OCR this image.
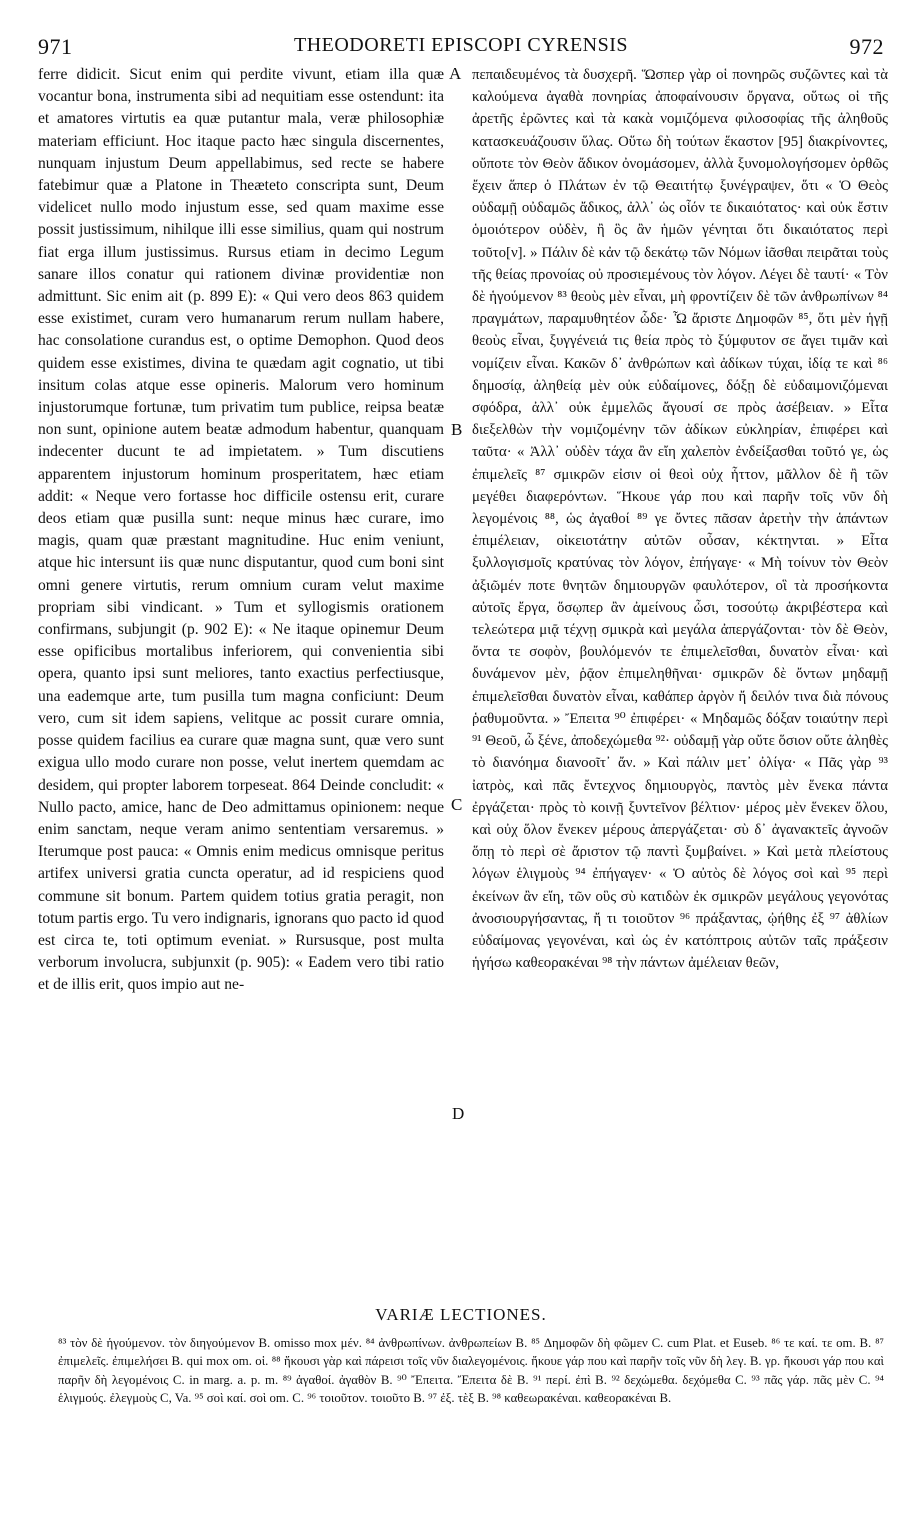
971	THEODORETI EPISCOPI CYRENSIS	972

ferre didicit. Sicut enim qui perdite vivunt, etiam illa quæ vocantur bona, instrumenta sibi ad nequitiam esse ostendunt: ita et amatores virtutis ea quæ putantur mala, veræ philosophiæ materiam efficiunt. Hoc itaque pacto hæc singula discernentes, nunquam injustum Deum appellabimus, sed recte se habere fatebimur quæ a Platone in Theæteto conscripta sunt, Deum videlicet nullo modo injustum esse, sed quam maxime esse possit justissimum, nihilque illi esse similius, quam qui nostrum fiat erga illum justissimus. Rursus etiam in decimo Legum sanare illos conatur qui rationem divinæ providentiæ non admittunt. Sic enim ait (p. 899 E): « Qui vero deos 863 quidem esse existimet, curam vero humanarum rerum nullam habere, hac consolatione curandus est, o optime Demophon. Quod deos quidem esse existimes, divina te quædam agit cognatio, ut tibi insitum colas atque esse opineris. Malorum vero hominum injustorumque fortunæ, tum privatim tum publice, reipsa beatæ non sunt, opinione autem beatæ admodum habentur, quanquam indecenter ducunt te ad impietatem. » Tum discutiens apparentem injustorum hominum prosperitatem, hæc etiam addit: « Neque vero fortasse hoc difficile ostensu erit, curare deos etiam quæ pusilla sunt: neque minus hæc curare, imo magis, quam quæ præstant magnitudine. Huc enim veniunt, atque hic intersunt iis quæ nunc disputantur, quod cum boni sint omni genere virtutis, rerum omnium curam velut maxime propriam sibi vindicant. » Tum et syllogismis orationem confirmans, subjungit (p. 902 E): « Ne itaque opinemur Deum esse opificibus mortalibus inferiorem, qui convenientia sibi opera, quanto ipsi sunt meliores, tanto exactius perfectiusque, una eademque arte, tum pusilla tum magna conficiunt: Deum vero, cum sit idem sapiens, velitque ac possit curare omnia, posse quidem facilius ea curare quæ magna sunt, quæ vero sunt exigua ullo modo curare non posse, velut inertem quemdam ac desidem, qui propter laborem torpeseat. 864 Deinde concludit: « Nullo pacto, amice, hanc de Deo admittamus opinionem: neque enim sanctam, neque veram animo sententiam versaremus. » Iterumque post pauca: « Omnis enim medicus omnisque peritus artifex universi gratia cuncta operatur, ad id respiciens quod commune sit bonum. Partem quidem totius gratia peragit, non totum partis ergo. Tu vero indignaris, ignorans quo pacto id quod est circa te, toti optimum eveniat. » Rursusque, post multa verborum involucra, subjunxit (p. 905): « Eadem vero tibi ratio et de illis erit, quos impio aut ne-

A
B
C
D

πεπαιδευμένος τὰ δυσχερῆ. Ὥσπερ γὰρ οἱ πονηρῶς συζῶντες καὶ τὰ καλούμενα ἀγαθὰ πονηρίας ἀποφαίνουσιν ὄργανα, οὕτως οἱ τῆς ἀρετῆς ἐρῶντες καὶ τὰ κακὰ νομιζόμενα φιλοσοφίας τῆς ἀληθοῦς κατασκευάζουσιν ὕλας. Οὕτω δὴ τούτων ἕκαστον [95] διακρίνοντες, οὔποτε τὸν Θεὸν ἄδικον ὀνομάσομεν, ἀλλὰ ξυνομολογήσομεν ὀρθῶς ἔχειν ἅπερ ὁ Πλάτων ἐν τῷ Θεαιτήτῳ ξυνέγραψεν, ὅτι « Ὁ Θεὸς οὐδαμῇ οὐδαμῶς ἄδικος, ἀλλ᾽ ὡς οἷόν τε δικαιότατος· καὶ οὐκ ἔστιν ὁμοιότερον οὐδὲν, ἢ ὃς ἂν ἡμῶν γένηται ὅτι δικαιότατος περὶ τοῦτο[ν]. » Πάλιν δὲ κἀν τῷ δεκάτῳ τῶν Νόμων ἰᾶσθαι πειρᾶται τοὺς τῆς θείας προνοίας οὐ προσιεμένους τὸν λόγον. Λέγει δὲ ταυτί· « Τὸν δὲ ἡγούμενον ⁸³ θεοὺς μὲν εἶναι, μὴ φροντίζειν δὲ τῶν ἀνθρωπίνων ⁸⁴ πραγμάτων, παραμυθητέον ὧδε· Ὦ ἄριστε Δημοφῶν ⁸⁵, ὅτι μὲν ἡγῇ θεοὺς εἶναι, ξυγγένειά τις θεία πρὸς τὸ ξύμφυτον σε ἄγει τιμᾶν καὶ νομίζειν εἶναι. Κακῶν δ᾽ ἀνθρώπων καὶ ἀδίκων τύχαι, ἰδίᾳ τε καὶ ⁸⁶ δημοσίᾳ, ἀληθείᾳ μὲν οὐκ εὐδαίμονες, δόξῃ δὲ εὐδαιμονιζόμεναι σφόδρα, ἀλλ᾽ οὐκ ἐμμελῶς ἄγουσί σε πρὸς ἀσέβειαν. » Εἶτα διεξελθὼν τὴν νομιζομένην τῶν ἀδίκων εὐκληρίαν, ἐπιφέρει καὶ ταῦτα· « Ἀλλ᾽ οὐδὲν τάχα ἂν εἴη χαλεπὸν ἐνδείξασθαι τοῦτό γε, ὡς ἐπιμελεῖς ⁸⁷ σμικρῶν εἰσιν οἱ θεοὶ οὐχ ἧττον, μᾶλλον δὲ ἢ τῶν μεγέθει διαφερόντων. Ἥκουε γάρ που καὶ παρῆν τοῖς νῦν δὴ λεγομένοις ⁸⁸, ὡς ἀγαθοί ⁸⁹ γε ὄντες πᾶσαν ἀρετὴν τὴν ἁπάντων ἐπιμέλειαν, οἰκειοτάτην αὐτῶν οὖσαν, κέκτηνται. » Εἶτα ξυλλογισμοῖς κρατύνας τὸν λόγον, ἐπήγαγε· « Μὴ τοίνυν τὸν Θεὸν ἀξιῶμέν ποτε θνητῶν δημιουργῶν φαυλότερον, οἳ τὰ προσήκοντα αὐτοῖς ἔργα, ὅσῳπερ ἂν ἀμείνους ὦσι, τοσούτῳ ἀκριβέστερα καὶ τελεώτερα μιᾷ τέχνῃ σμικρὰ καὶ μεγάλα ἀπεργάζονται· τὸν δὲ Θεὸν, ὄντα τε σοφὸν, βουλόμενόν τε ἐπιμελεῖσθαι, δυνατὸν εἶναι· καὶ δυνάμενον μὲν, ῥᾷον ἐπιμεληθῆναι· σμικρῶν δὲ ὄντων μηδαμῇ ἐπιμελεῖσθαι δυνατὸν εἶναι, καθάπερ ἀργὸν ἤ δειλόν τινα διὰ πόνους ῥαθυμοῦντα. » Ἔπειτα ⁹⁰ ἐπιφέρει· « Μηδαμῶς δόξαν τοιαύτην περὶ ⁹¹ Θεοῦ, ὦ ξένε, ἀποδεχώμεθα ⁹²· οὐδαμῇ γὰρ οὔτε ὅσιον οὔτε ἀληθὲς τὸ διανόημα διανοοῖτ᾽ ἄν. » Καὶ πάλιν μετ᾽ ὀλίγα· « Πᾶς γὰρ ⁹³ ἰατρὸς, καὶ πᾶς ἔντεχνος δημιουργὸς, παντὸς μὲν ἕνεκα πάντα ἐργάζεται· πρὸς τὸ κοινῇ ξυντεῖνον βέλτιον· μέρος μὲν ἕνεκεν ὅλου, καὶ οὐχ ὅλον ἕνεκεν μέρους ἀπεργάζεται· σὺ δ᾽ ἀγανακτεῖς ἀγνοῶν ὅπῃ τὸ περὶ σὲ ἄριστον τῷ παντὶ ξυμβαίνει. » Καὶ μετὰ πλείστους λόγων ἑλιγμοὺς ⁹⁴ ἐπήγαγεν· « Ὁ αὐτὸς δὲ λόγος σοὶ καὶ ⁹⁵ περὶ ἐκείνων ἂν εἴη, τῶν οὓς σὺ κατιδὼν ἐκ σμικρῶν μεγάλους γεγονότας ἀνοσιουργήσαντας, ἤ τι τοιοῦτον ⁹⁶ πράξαντας, ᾠήθης ἐξ ⁹⁷ ἀθλίων εὐδαίμονας γεγονέναι, καὶ ὡς ἐν κατόπτροις αὐτῶν ταῖς πράξεσιν ἡγήσω καθεορακέναι ⁹⁸ τὴν πάντων ἀμέλειαν θεῶν,

VARIÆ LECTIONES.

⁸³ τὸν δὲ ἡγούμενον. τὸν διηγούμενον B. omisso mox μέν. ⁸⁴ ἀνθρωπίνων. ἀνθρωπείων B. ⁸⁵ Δημοφῶν δὴ φῶμεν C. cum Plat. et Euseb. ⁸⁶ τε καί. τε om. B. ⁸⁷ ἐπιμελεῖς. ἐπιμελήσει B. qui mox om. οἱ. ⁸⁸ ἥκουσι γὰρ καὶ πάρεισι τοῖς νῦν διαλεγομένοις. ἤκουε γάρ που καὶ παρῆν τοῖς νῦν δὴ λεγ. B. γρ. ἥκουσι γάρ που καὶ παρῆν δὴ λεγομένοις C. in marg. a. p. m. ⁸⁹ ἀγαθοί. ἀγαθὸν B. ⁹⁰ Ἔπειτα. Ἔπειτα δὲ B. ⁹¹ περί. ἐπὶ B. ⁹² δεχώμεθα. δεχόμεθα C. ⁹³ πᾶς γάρ. πᾶς μὲν C. ⁹⁴ ἑλιγμούς. ἐλεγμοὺς C, Va. ⁹⁵ σοὶ καί. σοὶ om. C. ⁹⁶ τοιοῦτον. τοιοῦτο B. ⁹⁷ ἐξ. τὲξ B. ⁹⁸ καθεωρακέναι. καθεορακέναι B.
